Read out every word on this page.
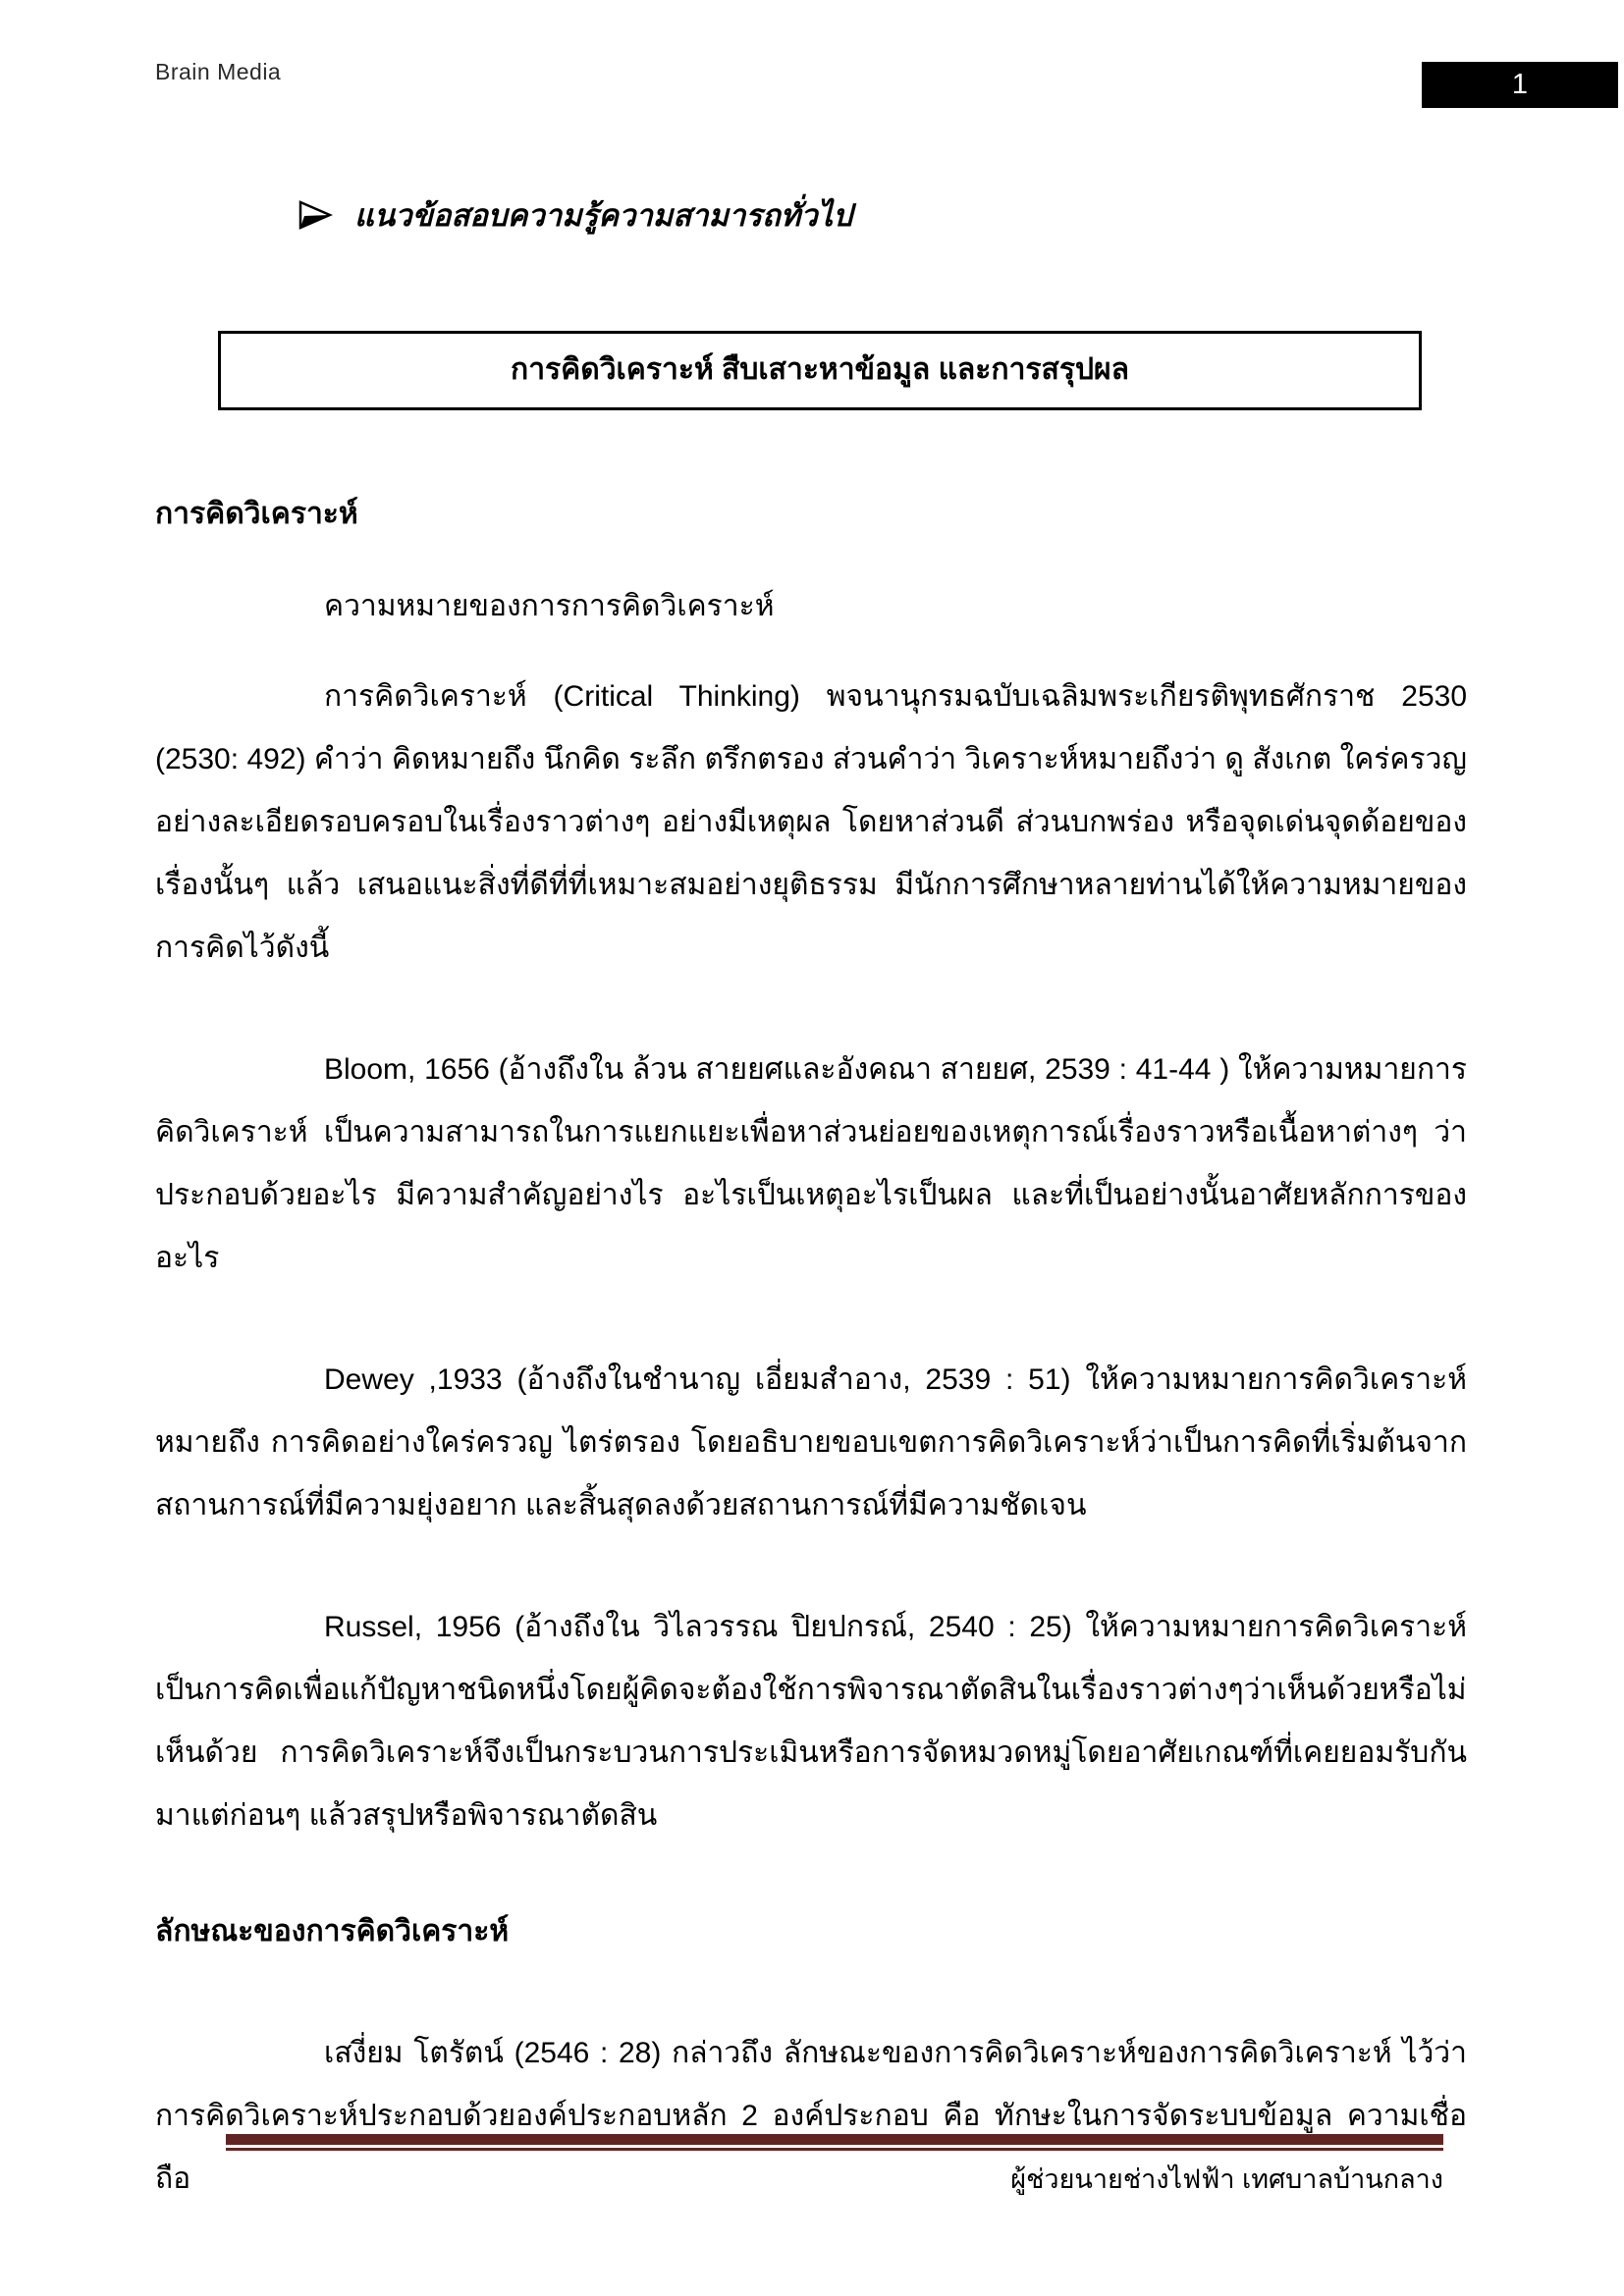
Brain Media	1
แนวข้อสอบความรู้ความสามารถทั่วไป
การคิดวิเคราะห์ สืบเสาะหาข้อมูล และการสรุปผล
การคิดวิเคราะห์

ความหมายของการการคิดวิเคราะห์

การคิดวิเคราะห์ (Critical Thinking) พจนานุกรมฉบับเฉลิมพระเกียรติพุทธศักราช 2530 (2530: 492) คำว่า คิดหมายถึง นึกคิด ระลึก ตรึกตรอง ส่วนคำว่า วิเคราะห์หมายถึงว่า ดู สังเกต ใคร่ครวญ อย่างละเอียดรอบครอบในเรื่องราวต่างๆ อย่างมีเหตุผล โดยหาส่วนดี ส่วนบกพร่อง หรือจุดเด่นจุดด้อยของเรื่องนั้นๆ แล้ว เสนอแนะสิ่งที่ดีที่ที่เหมาะสมอย่างยุติธรรม มีนักการศึกษาหลายท่านได้ให้ความหมายของการคิดไว้ดังนี้

Bloom, 1656 (อ้างถึงใน ล้วน สายยศและอังคณา สายยศ, 2539 : 41-44 ) ให้ความหมายการคิดวิเคราะห์ เป็นความสามารถในการแยกแยะเพื่อหาส่วนย่อยของเหตุการณ์เรื่องราวหรือเนื้อหาต่างๆ ว่าประกอบด้วยอะไร มีความสำคัญอย่างไร อะไรเป็นเหตุอะไรเป็นผล และที่เป็นอย่างนั้นอาศัยหลักการของอะไร

Dewey ,1933 (อ้างถึงในชำนาญ เอี่ยมสำอาง, 2539 : 51) ให้ความหมายการคิดวิเคราะห์หมายถึง การคิดอย่างใคร่ครวญ ไตร่ตรอง โดยอธิบายขอบเขตการคิดวิเคราะห์ว่าเป็นการคิดที่เริ่มต้นจากสถานการณ์ที่มีความยุ่งอยาก และสิ้นสุดลงด้วยสถานการณ์ที่มีความชัดเจน

Russel, 1956 (อ้างถึงใน วิไลวรรณ ปิยปกรณ์, 2540 : 25) ให้ความหมายการคิดวิเคราะห์เป็นการคิดเพื่อแก้ปัญหาชนิดหนึ่งโดยผู้คิดจะต้องใช้การพิจารณาตัดสินในเรื่องราวต่างๆว่าเห็นด้วยหรือไม่เห็นด้วย การคิดวิเคราะห์จึงเป็นกระบวนการประเมินหรือการจัดหมวดหมู่โดยอาศัยเกณฑ์ที่เคยยอมรับกันมาแต่ก่อนๆ แล้วสรุปหรือพิจารณาตัดสิน

ลักษณะของการคิดวิเคราะห์

เสงี่ยม โตรัตน์ (2546 : 28) กล่าวถึง ลักษณะของการคิดวิเคราะห์ของการคิดวิเคราะห์ ไว้ว่า การคิดวิเคราะห์ประกอบด้วยองค์ประกอบหลัก 2 องค์ประกอบ คือ ทักษะในการจัดระบบข้อมูล ความเชื่อถือ	ผู้ช่วยนายช่างไฟฟ้า เทศบาลบ้านกลาง
